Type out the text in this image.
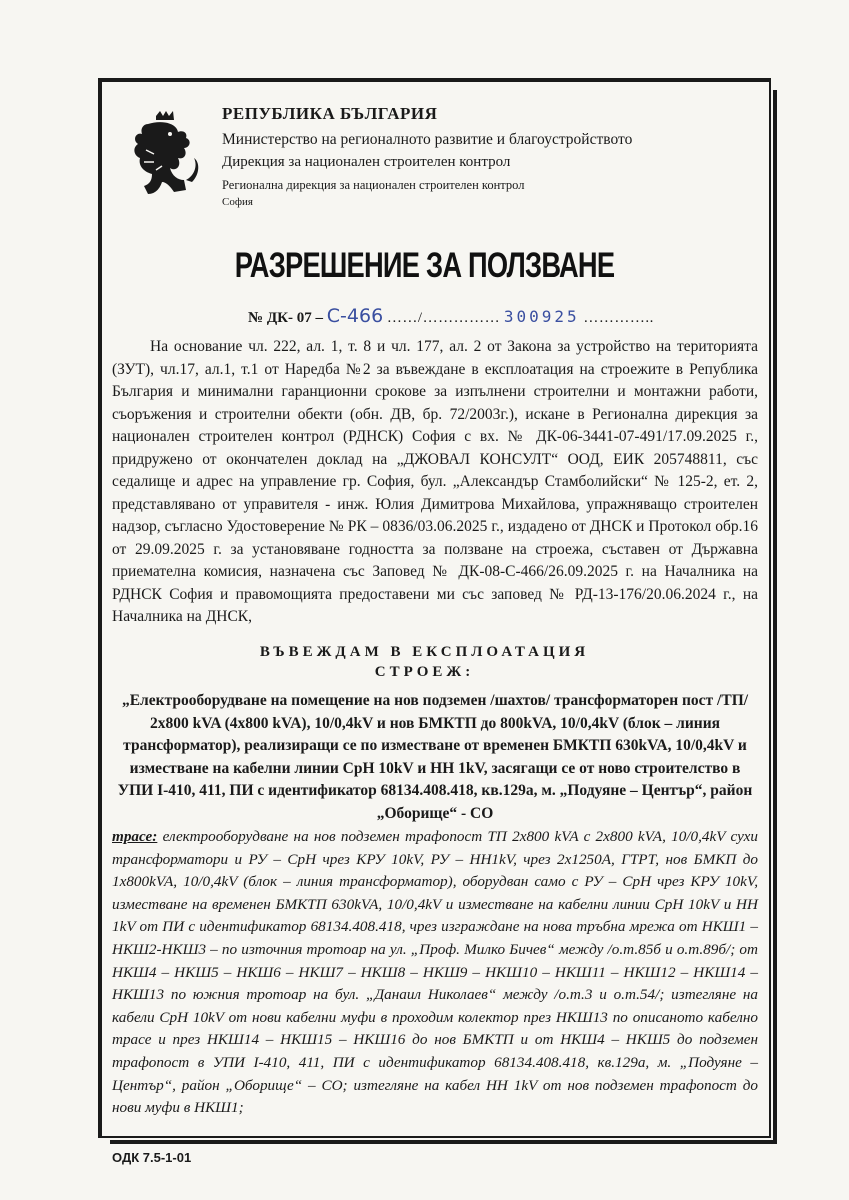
РЕПУБЛИКА БЪЛГАРИЯ
Министерство на регионалното развитие и благоустройството
Дирекция за национален строителен контрол
Регионална дирекция за национален строителен контрол
София
РАЗРЕШЕНИЕ ЗА ПОЛЗВАНЕ
№ ДК- 07 – С-466 ……/…………… 300925 …………..

На основание чл. 222, ал. 1, т. 8 и чл. 177, ал. 2 от Закона за устройство на територията (ЗУТ), чл.17, ал.1, т.1 от Наредба №2 за въвеждане в експлоатация на строежите в Република България и минимални гаранционни срокове за изпълнени строителни и монтажни работи, съоръжения и строителни обекти (обн. ДВ, бр. 72/2003г.), искане в Регионална дирекция за национален строителен контрол (РДНСК) София с вх. № ДК-06-3441-07-491/17.09.2025 г., придружено от окончателен доклад на „ДЖОВАЛ КОНСУЛТ“ ООД, ЕИК 205748811, със седалище и адрес на управление гр. София, бул. „Александър Стамболийски“ № 125-2, ет. 2, представлявано от управителя - инж. Юлия Димитрова Михайлова, упражняващо строителен надзор, съгласно Удостоверение № РК – 0836/03.06.2025 г., издадено от ДНСК и Протокол обр.16 от 29.09.2025 г. за установяване годността за ползване на строежа, съставен от Държавна приемателна комисия, назначена със Заповед № ДК-08-С-466/26.09.2025 г. на Началника на РДНСК София и правомощията предоставени ми със заповед № РД-13-176/20.06.2024 г., на Началника на ДНСК,

ВЪВЕЖДАМ В ЕКСПЛОАТАЦИЯ
СТРОЕЖ:
„Електрооборудване на помещение на нов подземен /шахтов/ трансформаторен пост /ТП/ 2х800 kVA (4х800 kVA), 10/0,4kV и нов БМКТП до 800kVA, 10/0,4kV (блок – линия трансформатор), реализиращи се по изместване от временен БМКТП 630kVA, 10/0,4kV и изместване на кабелни линии СрН 10kV и НН 1kV, засягащи се от ново строителство в УПИ I-410, 411, ПИ с идентификатор 68134.408.418, кв.129а, м. „Подуяне – Център“, район „Оборище“ - СО
трасе: електрооборудване на нов подземен трафопост ТП 2х800 kVA с 2х800 kVA, 10/0,4kV сухи трансформатори и РУ – СрН чрез КРУ 10kV, РУ – НН1kV, чрез 2х1250А, ГТРТ, нов БМКП до 1х800kVA, 10/0,4kV (блок – линия трансформатор), оборудван само с РУ – СрН чрез КРУ 10kV, изместване на временен БМКТП 630kVA, 10/0,4kV и изместване на кабелни линии СрН 10kV и НН 1kV от ПИ с идентификатор 68134.408.418, чрез изграждане на нова тръбна мрежа от НКШ1 – НКШ2-НКШ3 – по източния тротоар на ул. „Проф. Милко Бичев“ между /о.т.85б и о.т.89б/; от НКШ4 – НКШ5 – НКШ6 – НКШ7 – НКШ8 – НКШ9 – НКШ10 – НКШ11 – НКШ12 – НКШ14 – НКШ13 по южния тротоар на бул. „Данаил Николаев“ между /о.т.3 и о.т.54/; изтегляне на кабели СрН 10kV от нови кабелни муфи в проходим колектор през НКШ13 по описаното кабелно трасе и през НКШ14 – НКШ15 – НКШ16 до нов БМКТП и от НКШ4 – НКШ5 до подземен трафопост в УПИ I-410, 411, ПИ с идентификатор 68134.408.418, кв.129а, м. „Подуяне – Център“, район „Оборище“ – СО; изтегляне на кабел НН 1kV от нов подземен трафопост до нови муфи в НКШ1;
ОДК 7.5-1-01
